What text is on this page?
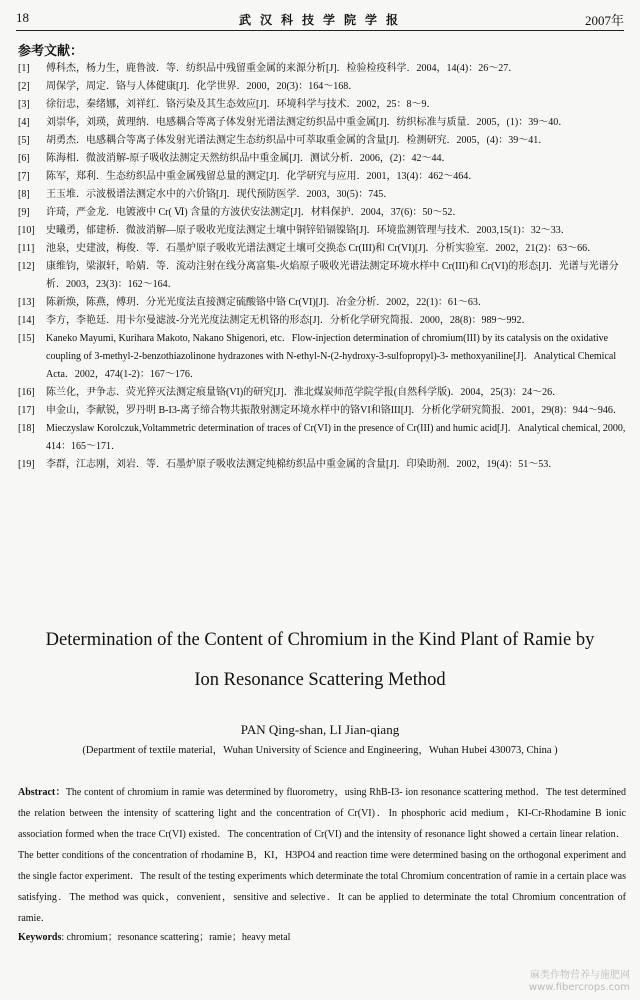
18	武 汉 科 技 学 院 学 报	2007年
参考文献：
[1] 傅科杰，杨力生，鹿鲁波．等．纺织品中残留重金属的来源分析[J]．检验检疫科学．2004，14(4)：26～27．
[2] 周保学，周定．铬与人体健康[J]．化学世界．2000，20(3)：164～168．
[3] 徐衍忠，秦绪娜，刘祥红．铬污染及其生态效应[J]．环境科学与技术．2002，25：8～9．
[4] 刘崇华，刘瑛，黄理纳．电感耦合等离子体发射光谱法测定纺织品中重金属[J]．纺织标准与质量．2005，(1)：39～40．
[5] 胡勇杰．电感耦合等离子体发射光谱法测定生态纺织品中可萃取重金属的含量[J]．检测研究．2005，(4)：39～41．
[6] 陈海相．微波消解-原子吸收法测定天然纺织品中重金属[J]．测试分析．2006，(2)：42～44．
[7] 陈军，郑利．生态纺织品中重金属残留总量的测定[J]．化学研究与应用．2001，13(4)：462～464．
[8] 王玉堆．示波极谱法测定水中的六价铬[J]．现代预防医学．2003，30(5)：745．
[9] 许琦，严金龙．电镀液中 Cr( Ⅵ) 含量的方波伏安法测定[J]．材料保护．2004，37(6)：50～52．
[10] 史曦勇，郁建桥．微波消解—原子吸收光度法测定土壤中铜锌铅镉镍铬[J]．环境监测管理与技术．2003,15(1)：32～33．
[11] 池泉，史建波，梅俊．等．石墨炉原子吸收光谱法测定土壤可交换态 Cr(III)和 Cr(VI)[J]．分析实验室．2002，21(2)：63～66．
[12] 康维钧，梁淑轩，哈婧．等．流动注射在线分离富集-火焰原子吸收光谱法测定环境水样中 Cr(III)和 Cr(VI)的形态[J]．光谱与光谱分析．2003，23(3)：162～164．
[13] 陈新焕，陈燕，傅玥．分光光度法直接测定硫酸铬中铬 Cr(VI)[J]．冶金分析．2002，22(1)：61～63．
[14] 李方，李艳廷．用卡尔曼滤波-分光光度法测定无机铬的形态[J]．分析化学研究简报．2000，28(8)：989～992．
[15] Kaneko Mayumi, Kurihara Makoto, Nakano Shigenori, etc．Flow-injection determination of chromium(III) by its catalysis on the oxidative coupling of 3-methyl-2-benzothiazolinone hydrazones with N-ethyl-N-(2-hydroxy-3-sulfopropyl)-3- methoxyaniline[J]．Analytical Chemical Acta．2002，474(1-2)：167～176．
[16] 陈兰化，尹争志．荧光猝灭法测定痕量铬(VI)的研究[J]．淮北煤炭师范学院学报(自然科学版)．2004，25(3)：24～26．
[17] 申金山，李献锐，罗丹明 B-I3-离子缔合物共振散射测定环境水样中的铬VI和铬III[J]．分析化学研究简报．2001，29(8)：944～946．
[18] Mieczyslaw Korolczuk,Voltammetric determination of traces of Cr(VI) in the presence of Cr(III) and humic acid[J]．Analytical chemical, 2000, 414：165～171．
[19] 李群，江志刚，刘岩．等．石墨炉原子吸收法测定纯棉纺织品中重金属的含量[J]．印染助剂．2002，19(4)：51～53．
Determination of the Content of Chromium in the Kind Plant of Ramie by
Ion Resonance Scattering Method
PAN Qing-shan, LI Jian-qiang
(Department of textile material，Wuhan University of Science and Engineering，Wuhan Hubei 430073, China )
Abstract：The content of chromium in ramie was determined by fluorometry，using RhB-I3- ion resonance scattering method．The test determined the relation between the intensity of scattering light and the concentration of Cr(VI)．In phosphoric acid medium，KI-Cr-Rhodamine B ionic association formed when the trace Cr(VI) existed．The concentration of Cr(VI) and the intensity of resonance light showed a certain linear relation．The better conditions of the concentration of rhodamine B，KI，H3PO4 and reaction time were determined basing on the orthogonal experiment and the single factor experiment．The result of the testing experiments which determinate the total Chromium concentration of ramie in a certain place was satisfying．The method was quick，convenient，sensitive and selective．It can be applied to determinate the total Chromium concentration of ramie．
Keywords: chromium；resonance scattering；ramie；heavy metal
麻类作物营养与施肥网
www.fibercrops.com
